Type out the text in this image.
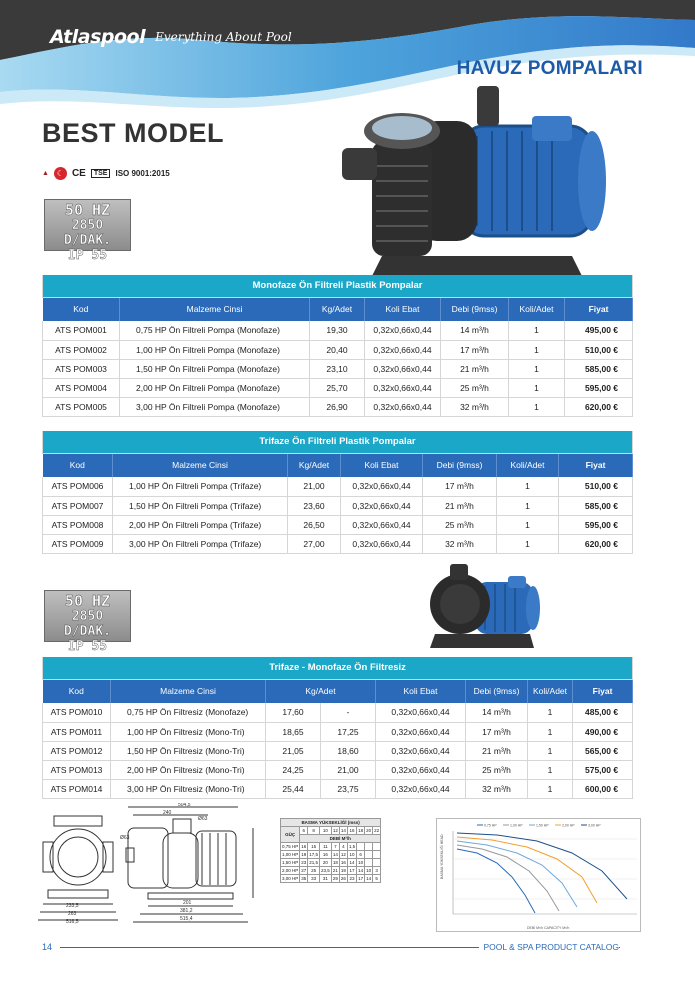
Atlaspool Everything About Pool
HAVUZ POMPALARI
BEST MODEL
▲ ☾ CE	TSE	ISO 9001:2015
50 HZ
2850 D/DAK.
IP 55
Monofaze Ön Filtreli Plastik Pompalar						
Kod	Malzeme Cinsi	Kg/Adet	Koli Ebat	Debi (9mss)	Koli/Adet	Fiyat
ATS POM001	0,75 HP Ön Filtreli Pompa (Monofaze)	19,30	0,32x0,66x0,44	14 m³/h	1	495,00 €
ATS POM002	1,00 HP Ön Filtreli Pompa (Monofaze)	20,40	0,32x0,66x0,44	17 m³/h	1	510,00 €
ATS POM003	1,50 HP Ön Filtreli Pompa (Monofaze)	23,10	0,32x0,66x0,44	21 m³/h	1	585,00 €
ATS POM004	2,00 HP Ön Filtreli Pompa (Monofaze)	25,70	0,32x0,66x0,44	25 m³/h	1	595,00 €
ATS POM005	3,00 HP Ön Filtreli Pompa (Monofaze)	26,90	0,32x0,66x0,44	32 m³/h	1	620,00 €
Trifaze Ön Filtreli Plastik Pompalar						
Kod	Malzeme Cinsi	Kg/Adet	Koli Ebat	Debi (9mss)	Koli/Adet	Fiyat
ATS POM006	1,00 HP Ön Filtreli Pompa (Trifaze)	21,00	0,32x0,66x0,44	17 m³/h	1	510,00 €
ATS POM007	1,50 HP Ön Filtreli Pompa (Trifaze)	23,60	0,32x0,66x0,44	21 m³/h	1	585,00 €
ATS POM008	2,00 HP Ön Filtreli Pompa (Trifaze)	26,50	0,32x0,66x0,44	25 m³/h	1	595,00 €
ATS POM009	3,00 HP Ön Filtreli Pompa (Trifaze)	27,00	0,32x0,66x0,44	32 m³/h	1	620,00 €
50 HZ
2850 D/DAK.
IP 55
Trifaze - Monofaze Ön Filtresiz							
Kod	Malzeme Cinsi	Kg/Adet		Koli Ebat	Debi (9mss)	Koli/Adet	Fiyat
ATS POM010	0,75 HP Ön Filtresiz (Monofaze)	17,60	-	0,32x0,66x0,44	14 m³/h	1	485,00 €
ATS POM011	1,00 HP Ön Filtresiz (Mono-Tri)	18,65	17,25	0,32x0,66x0,44	17 m³/h	1	490,00 €
ATS POM012	1,50 HP Ön Filtresiz (Mono-Tri)	21,05	18,60	0,32x0,66x0,44	21 m³/h	1	565,00 €
ATS POM013	2,00 HP Ön Filtresiz (Mono-Tri)	24,25	21,00	0,32x0,66x0,44	25 m³/h	1	575,00 €
ATS POM014	3,00 HP Ön Filtresiz (Mono-Tri)	25,44	23,75	0,32x0,66x0,44	32 m³/h	1	600,00 €
233,5
263
516,5
504,5
240
Ø63
Ø63
201
381,2
515,4
BASMA YÜKSEKLİĞİ (mss)									
GÜÇ	6	8	10	12	14	16	18	20	22
	DEBİ M³/h								
0,75 HP	16	15	11	7	4	1,5			
1,00 HP	19	17,5	16	14	12	10	6		
1,50 HP	23	21,5	20	18	16	14	10		
2,00 HP	27	25	23,5	21	19	17	14	10	3
3,00 HP	35	33	31	29	26	23	17	14	5
0,75 HP	1,00 HP	1,50 HP	2,00 HP	3,00 HP
BASMA YÜKSEKLİĞİ HEAD
DEBİ M³/h CAPACITY M³/h
14	POOL & SPA PRODUCT CATALOG
